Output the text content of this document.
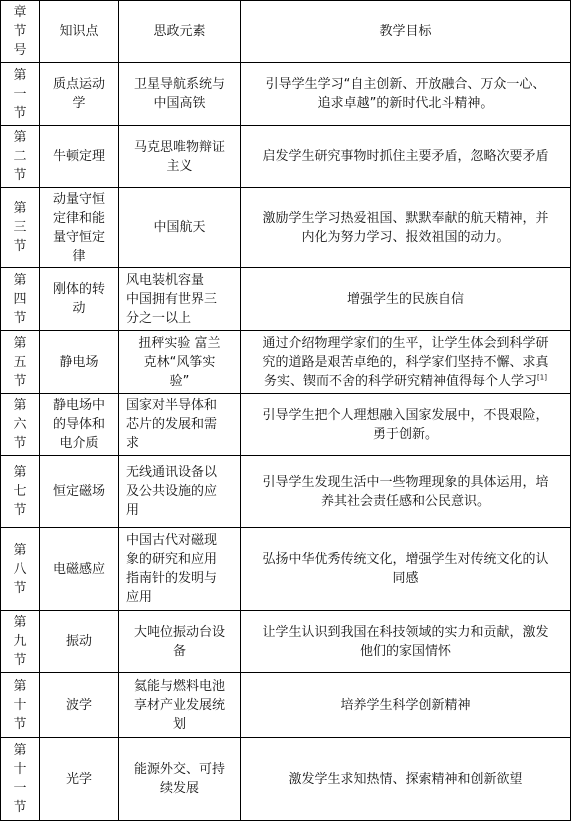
章
节
号	知识点	思政元素	教学目标
第
一
节	质点运动
学	卫星导航系统与
中国高铁	引导学生学习“自主创新、开放融合、万众一心、
追求卓越”的新时代北斗精神。
第
二
节	牛顿定理	马克思唯物辩证
主义	启发学生研究事物时抓住主要矛盾，忽略次要矛盾
第
三
节	动量守恒
定律和能
量守恒定
律	中国航天	激励学生学习热爱祖国、默默奉献的航天精神，并
内化为努力学习、报效祖国的动力。
第
四
节	刚体的转
动	风电装机容量
中国拥有世界三
分之一以上	增强学生的民族自信
第
五
节	静电场	扭秤实验 富兰
克林“风筝实
验”	通过介绍物理学家们的生平，让学生体会到科学研
究的道路是艰苦卓绝的，科学家们坚持不懈、求真
务实、锲而不舍的科学研究精神值得每个人学习[1]
第
六
节	静电场中
的导体和
电介质	国家对半导体和
芯片的发展和需
求	引导学生把个人理想融入国家发展中，不畏艰险，
勇于创新。
第
七
节	恒定磁场	无线通讯设备以
及公共设施的应
用	引导学生发现生活中一些物理现象的具体运用，培
养其社会责任感和公民意识。
第
八
节	电磁感应	中国古代对磁现
象的研究和应用
指南针的发明与
应用	弘扬中华优秀传统文化，增强学生对传统文化的认
同感
第
九
节	振动	大吨位振动台设
备	让学生认识到我国在科技领域的实力和贡献，激发
他们的家国情怀
第
十
节	波学	氦能与燃料电池
享材产业发展统
划	培养学生科学创新精神
第
十
一
节	光学	能源外交、可持
续发展	激发学生求知热情、探索精神和创新欲望
